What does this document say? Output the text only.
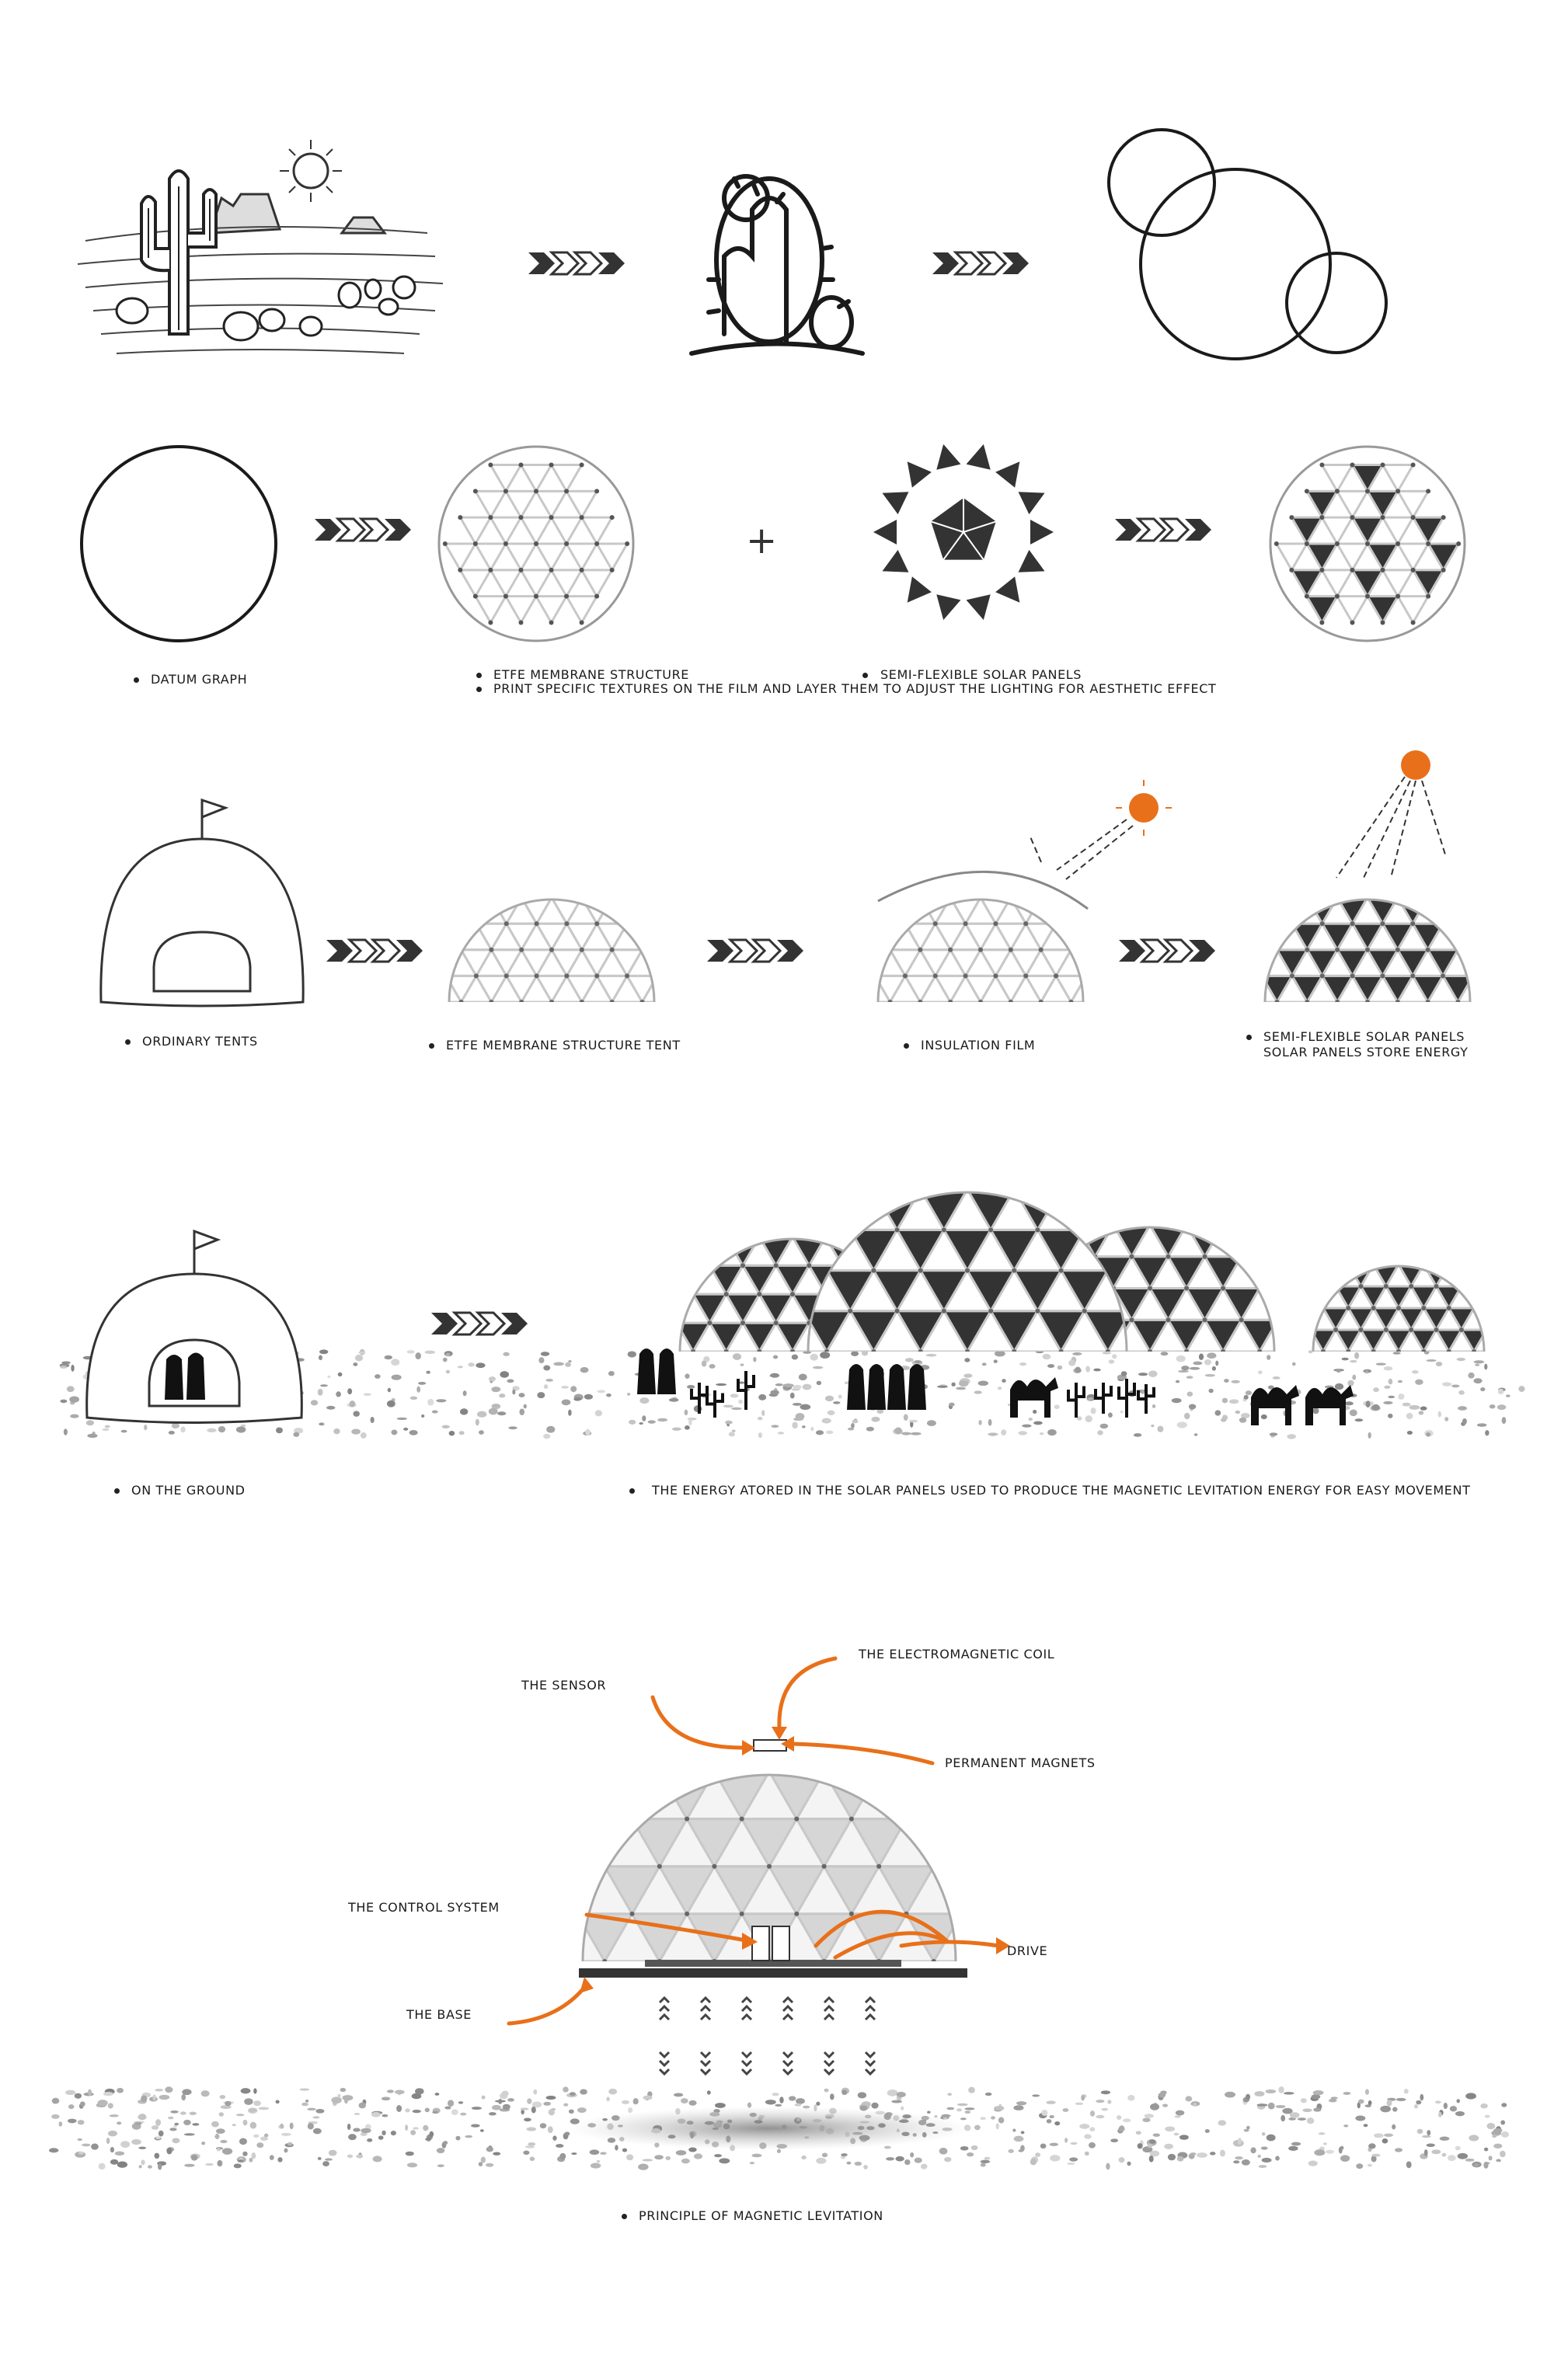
DATUM GRAPH	ETFE MEMBRANE STRUCTURE
PRINT SPECIFIC TEXTURES ON THE FILM AND LAYER THEM TO ADJUST THE LIGHTING FOR AESTHETIC EFFECT
SEMI-FLEXIBLE SOLAR PANELS
+
ORDINARY TENTS	ETFE MEMBRANE STRUCTURE TENT	INSULATION FILM
SEMI-FLEXIBLE SOLAR PANELS
SOLAR PANELS STORE ENERGY
ON THE GROUND	THE ENERGY ATORED IN THE SOLAR PANELS USED TO PRODUCE THE MAGNETIC LEVITATION ENERGY FOR EASY MOVEMENT
THE ELECTROMAGNETIC COIL
THE SENSOR
PERMANENT MAGNETS
THE CONTROL SYSTEM
DRIVE
THE BASE
PRINCIPLE OF MAGNETIC LEVITATION
